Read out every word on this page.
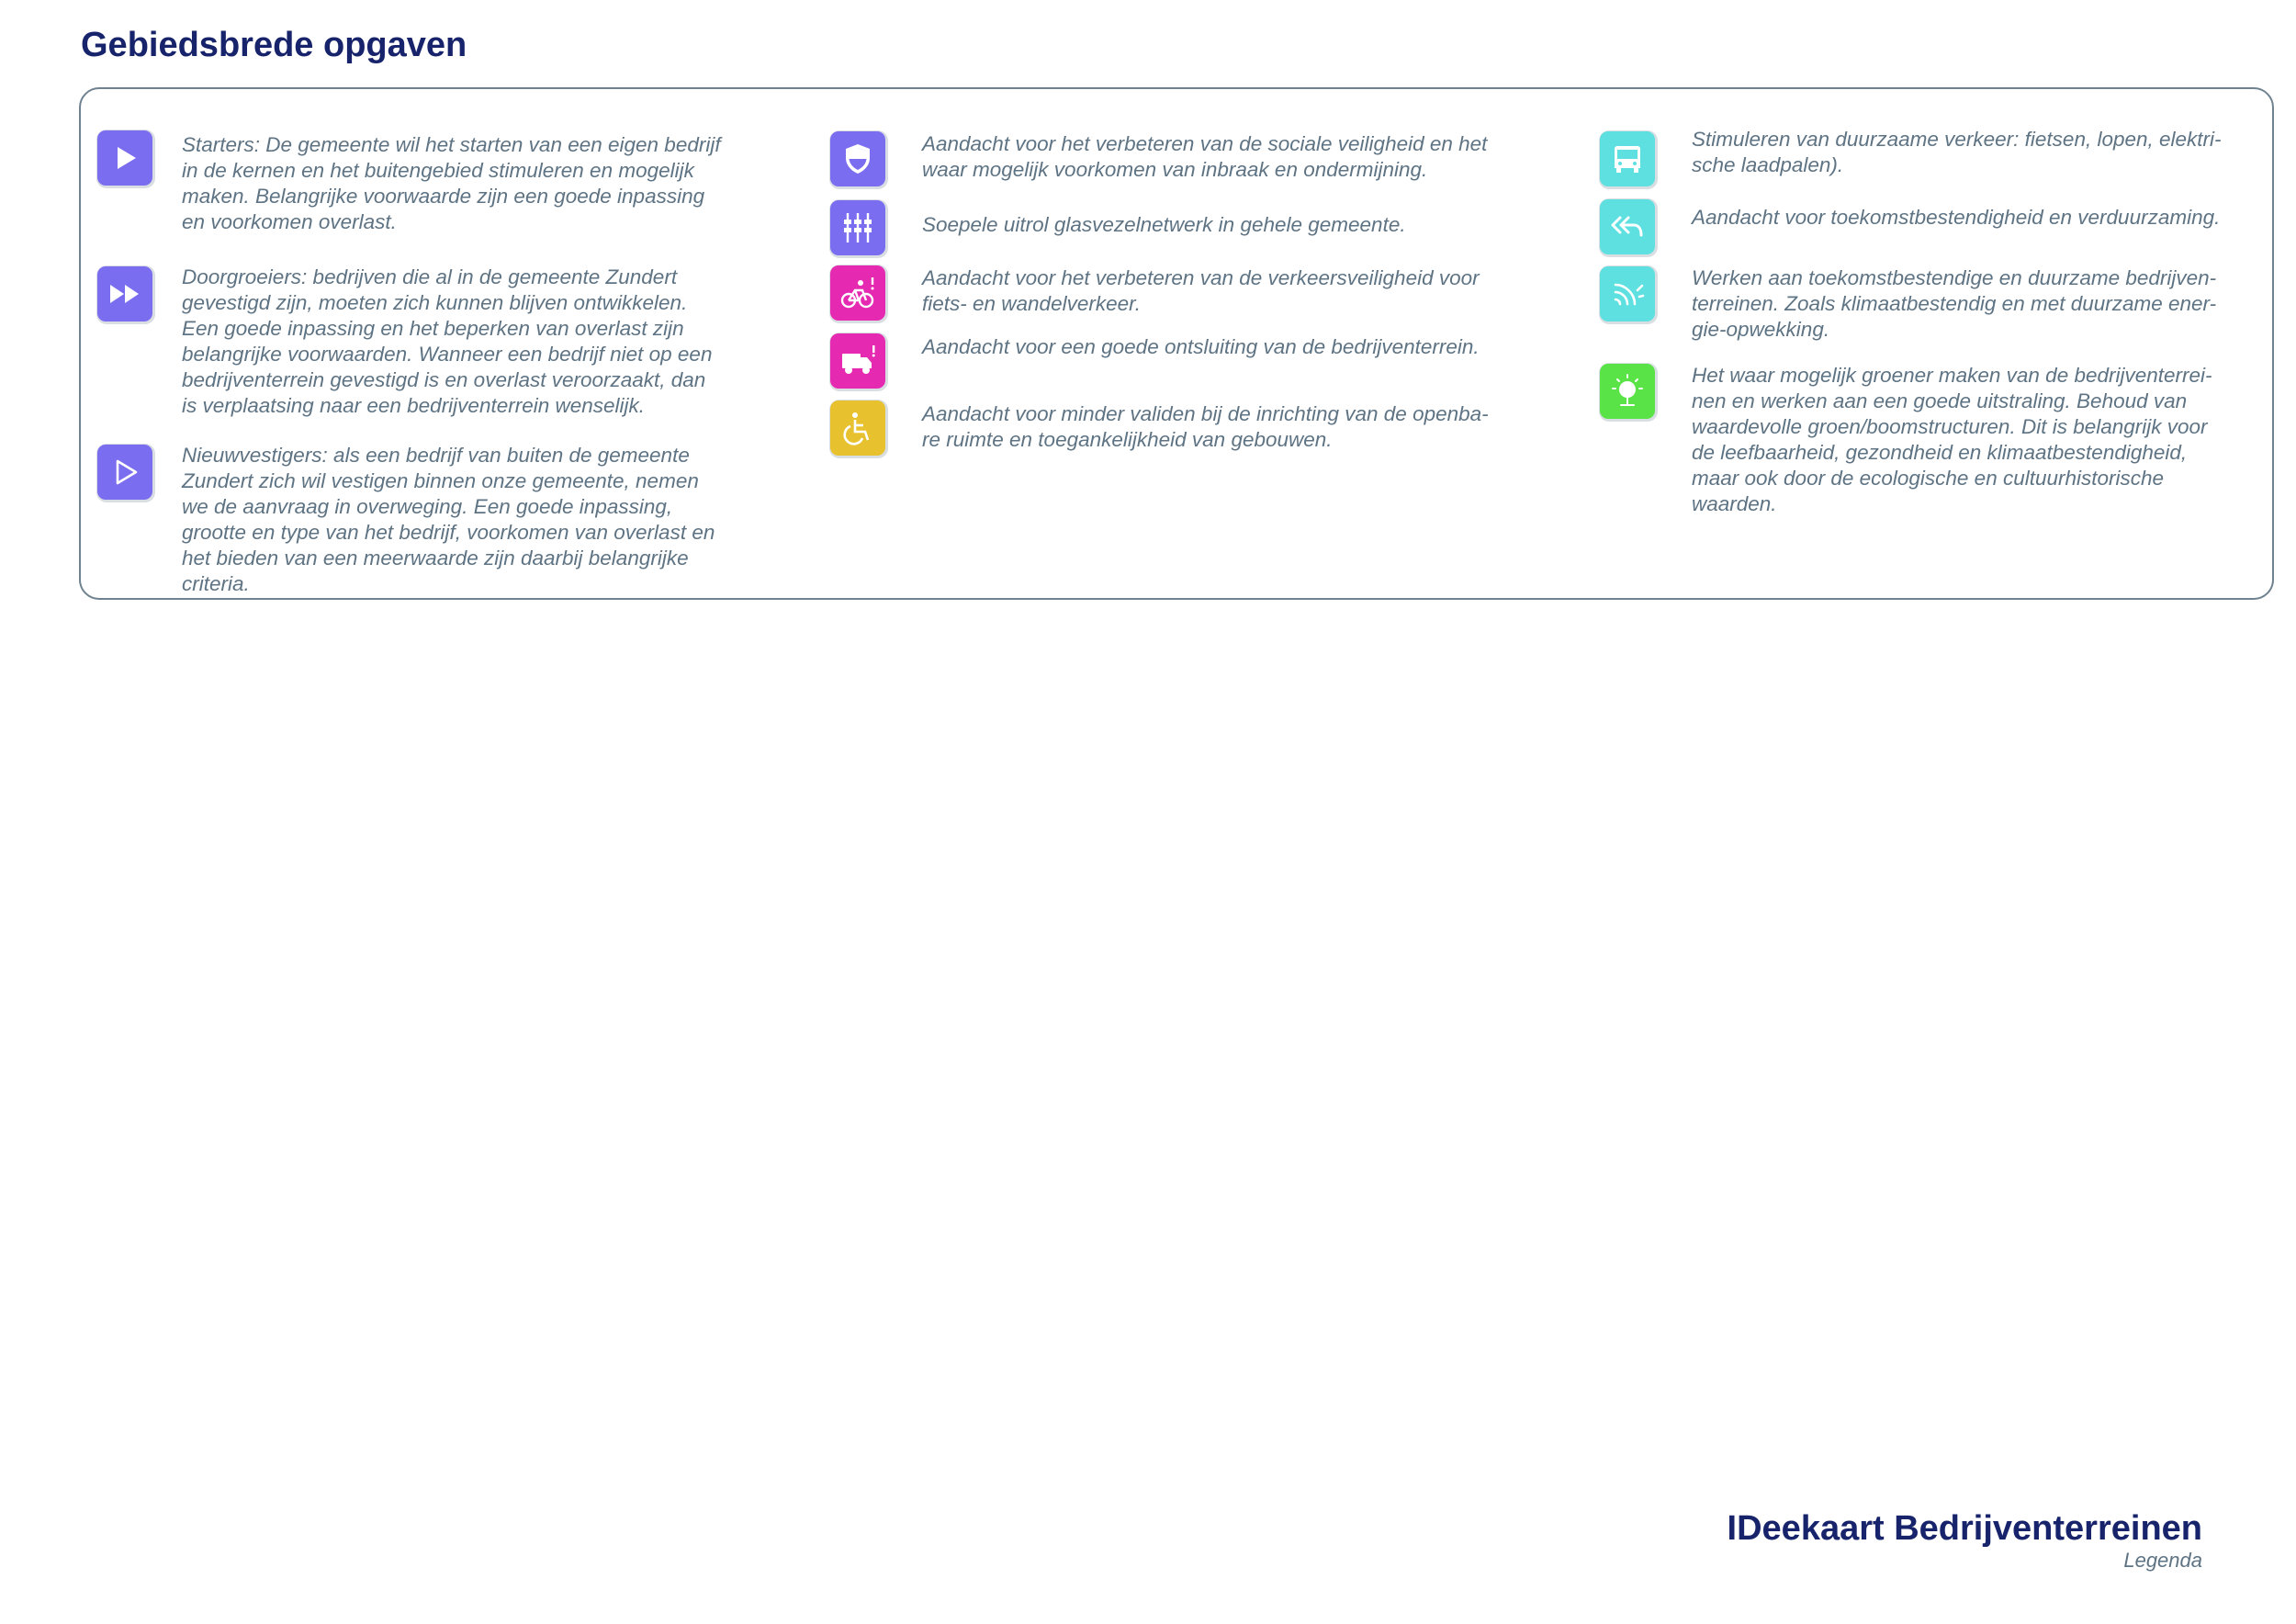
Gebiedsbrede opgaven

Starters: De gemeente wil het starten van een eigen bedrijf
in de kernen en het buitengebied stimuleren en mogelijk
maken. Belangrijke voorwaarde zijn een goede inpassing
en voorkomen overlast.

Doorgroeiers: bedrijven die al in de gemeente Zundert
gevestigd zijn, moeten zich kunnen blijven ontwikkelen.
Een goede inpassing en het beperken van overlast zijn
belangrijke voorwaarden. Wanneer een bedrijf niet op een
bedrijventerrein gevestigd is en overlast veroorzaakt, dan
is verplaatsing naar een bedrijventerrein wenselijk.

Nieuwvestigers: als een bedrijf van buiten de gemeente
Zundert zich wil vestigen binnen onze gemeente, nemen
we de aanvraag in overweging. Een goede inpassing,
grootte en type van het bedrijf, voorkomen van overlast en
het bieden van een meerwaarde zijn daarbij belangrijke
criteria.

Aandacht voor het verbeteren van de sociale veiligheid en het
waar mogelijk voorkomen van inbraak en ondermijning.

Soepele uitrol glasvezelnetwerk in gehele gemeente.

Aandacht voor het verbeteren van de verkeersveiligheid voor
fiets- en wandelverkeer.

Aandacht voor een goede ontsluiting van de bedrijventerrein.

Aandacht voor minder validen bij de inrichting van de openba-
re ruimte en toegankelijkheid van gebouwen.

Stimuleren van duurzaame verkeer: fietsen, lopen, elektri-
sche laadpalen).

Aandacht voor toekomstbestendigheid en verduurzaming.

Werken aan toekomstbestendige en duurzame bedrijven-
terreinen. Zoals klimaatbestendig en met duurzame ener-
gie-opwekking.

Het waar mogelijk groener maken van de bedrijventerrei-
nen en werken aan een goede uitstraling. Behoud van
waardevolle groen/boomstructuren. Dit is belangrijk voor
de leefbaarheid, gezondheid en klimaatbestendigheid,
maar ook door de ecologische en cultuurhistorische
waarden.

IDeekaart Bedrijventerreinen

Legenda
